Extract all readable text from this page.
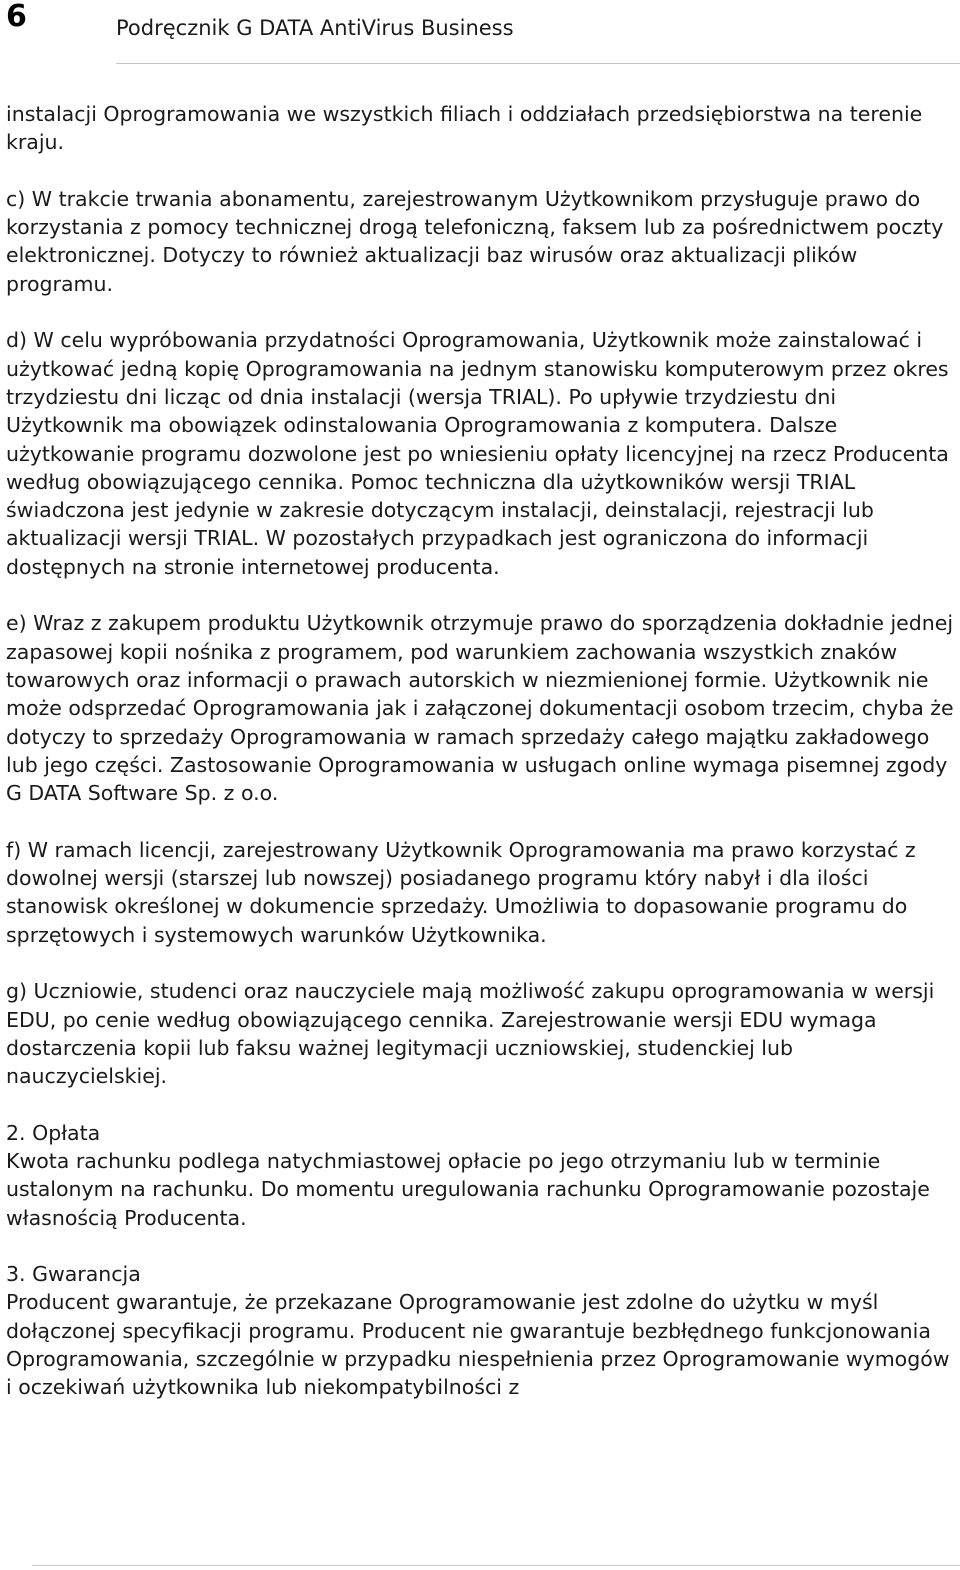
6	Podręcznik G DATA AntiVirus Business

instalacji Oprogramowania we wszystkich filiach i oddziałach przedsiębiorstwa na terenie kraju.

c) W trakcie trwania abonamentu, zarejestrowanym Użytkownikom przysługuje prawo do korzystania z pomocy technicznej drogą telefoniczną, faksem lub za pośrednictwem poczty elektronicznej. Dotyczy to również aktualizacji baz wirusów oraz aktualizacji plików programu.

d) W celu wypróbowania przydatności Oprogramowania, Użytkownik może zainstalować i użytkować jedną kopię Oprogramowania na jednym stanowisku komputerowym przez okres trzydziestu dni licząc od dnia instalacji (wersja TRIAL). Po upływie trzydziestu dni Użytkownik ma obowiązek odinstalowania Oprogramowania z komputera. Dalsze użytkowanie programu dozwolone jest po wniesieniu opłaty licencyjnej na rzecz Producenta według obowiązującego cennika. Pomoc techniczna dla użytkowników wersji TRIAL świadczona jest jedynie w zakresie dotyczącym instalacji, deinstalacji, rejestracji lub aktualizacji wersji TRIAL. W pozostałych przypadkach jest ograniczona do informacji dostępnych na stronie internetowej producenta.

e) Wraz z zakupem produktu Użytkownik otrzymuje prawo do sporządzenia dokładnie jednej zapasowej kopii nośnika z programem, pod warunkiem zachowania wszystkich znaków towarowych oraz informacji o prawach autorskich w niezmienionej formie. Użytkownik nie może odsprzedać Oprogramowania jak i załączonej dokumentacji osobom trzecim, chyba że dotyczy to sprzedaży Oprogramowania w ramach sprzedaży całego majątku zakładowego lub jego części. Zastosowanie Oprogramowania w usługach online wymaga pisemnej zgody G DATA Software Sp. z o.o.

f) W ramach licencji, zarejestrowany Użytkownik Oprogramowania ma prawo korzystać z dowolnej wersji (starszej lub nowszej) posiadanego programu który nabył i dla ilości stanowisk określonej w dokumencie sprzedaży. Umożliwia to dopasowanie programu do sprzętowych i systemowych warunków Użytkownika.

g) Uczniowie, studenci oraz nauczyciele mają możliwość zakupu oprogramowania w wersji EDU, po cenie według obowiązującego cennika. Zarejestrowanie wersji EDU wymaga dostarczenia kopii lub faksu ważnej legitymacji uczniowskiej, studenckiej lub nauczycielskiej.

2. Opłata
Kwota rachunku podlega natychmiastowej opłacie po jego otrzymaniu lub w terminie ustalonym na rachunku. Do momentu uregulowania rachunku Oprogramowanie pozostaje własnością Producenta.

3. Gwarancja
Producent gwarantuje, że przekazane Oprogramowanie jest zdolne do użytku w myśl dołączonej specyfikacji programu. Producent nie gwarantuje bezbłędnego funkcjonowania Oprogramowania, szczególnie w przypadku niespełnienia przez Oprogramowanie wymogów i oczekiwań użytkownika lub niekompatybilności z
